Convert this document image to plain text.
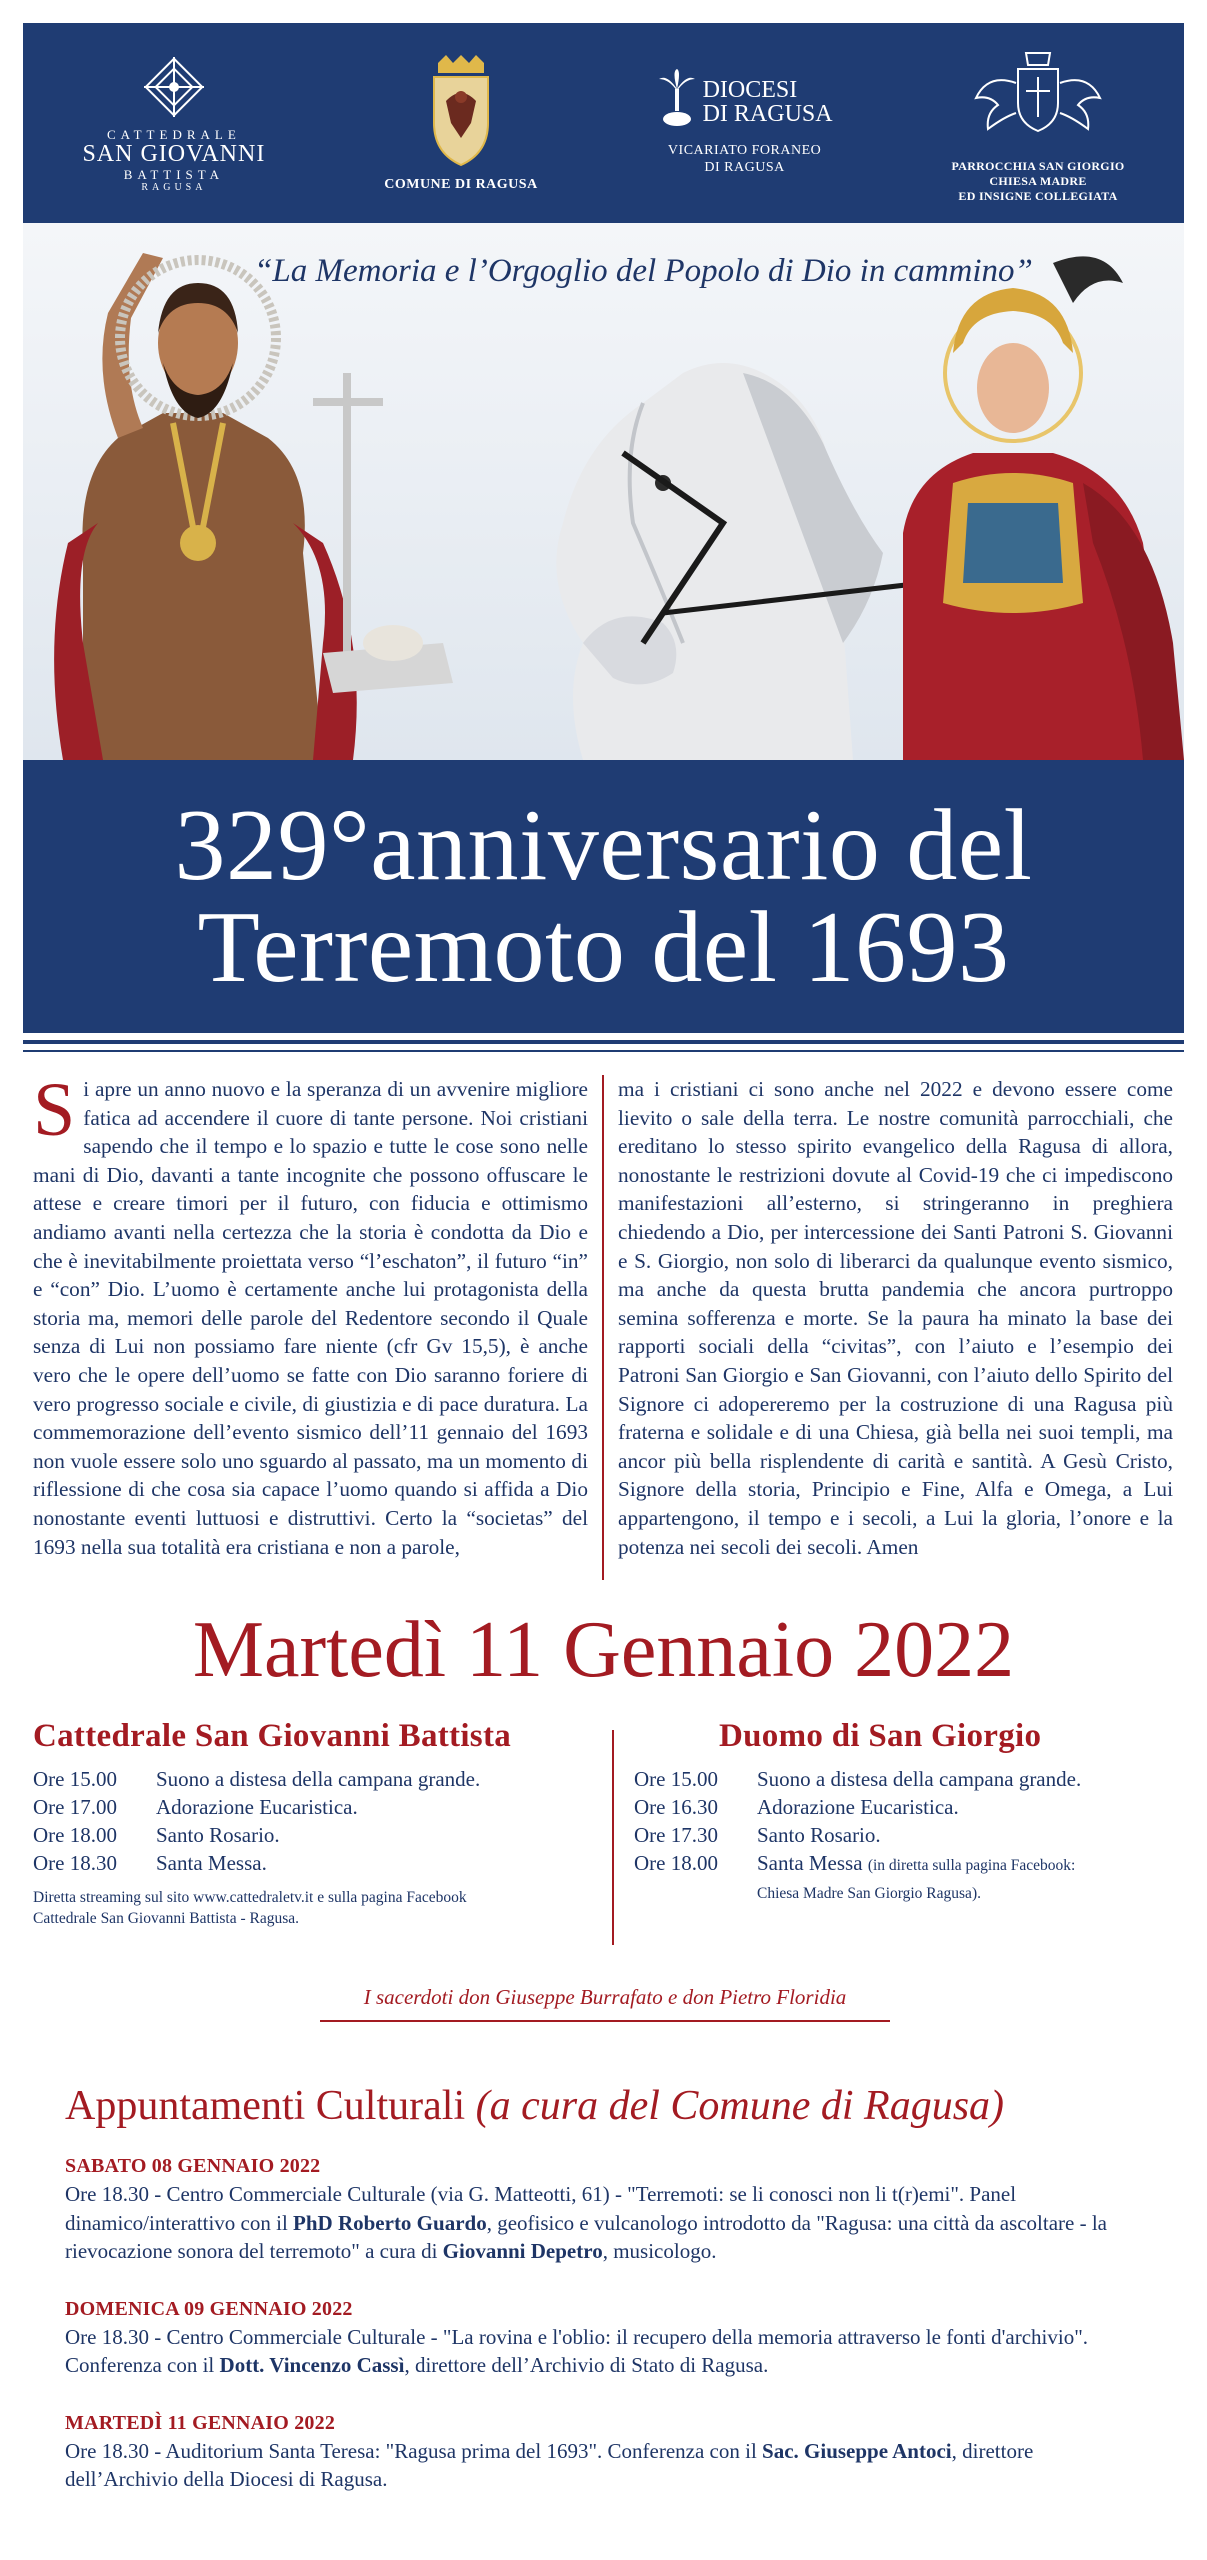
CATTEDRALE
SAN GIOVANNI
BATTISTA
RAGUSA	COMUNE DI RAGUSA
DIOCESI
DI RAGUSA
VICARIATO FORANEO
DI RAGUSA	PARROCCHIA SAN GIORGIO
CHIESA MADRE
ED INSIGNE COLLEGIATA
“La Memoria e l’Orgoglio del Popolo di Dio in cammino”
329°anniversario del
Terremoto del 1693

Si apre un anno nuovo e la speranza di un avvenire migliore fatica ad accendere il cuore di tante persone. Noi cristiani sapendo che il tempo e lo spazio e tutte le cose sono nelle mani di Dio, davanti a tante incognite che possono offuscare le attese e creare timori per il futuro, con fiducia e ottimismo andiamo avanti nella certezza che la storia è condotta da Dio e che è inevitabilmente proiettata verso “l’eschaton”, il futuro “in” e “con” Dio. L’uomo è certamente anche lui protagonista della storia ma, memori delle parole del Redentore secondo il Quale senza di Lui non possiamo fare niente (cfr Gv 15,5), è anche vero che le opere dell’uomo se fatte con Dio saranno foriere di vero progresso sociale e civile, di giustizia e di pace duratura. La commemorazione dell’evento sismico dell’11 gennaio del 1693 non vuole essere solo uno sguardo al passato, ma un momento di riflessione di che cosa sia capace l’uomo quando si affida a Dio nonostante eventi luttuosi e distruttivi. Certo la “societas” del 1693 nella sua totalità era cristiana e non a parole,

ma i cristiani ci sono anche nel 2022 e devono essere come lievito o sale della terra. Le nostre comunità parrocchiali, che ereditano lo stesso spirito evangelico della Ragusa di allora, nonostante le restrizioni dovute al Covid-19 che ci impediscono manifestazioni all’esterno, si stringeranno in preghiera chiedendo a Dio, per intercessione dei Santi Patroni S. Giovanni e S. Giorgio, non solo di liberarci da qualunque evento sismico, ma anche da questa brutta pandemia che ancora purtroppo semina sofferenza e morte. Se la paura ha minato la base dei rapporti sociali della “civitas”, con l’aiuto e l’esempio dei Patroni San Giorgio e San Giovanni, con l’aiuto dello Spirito del Signore ci adopereremo per la costruzione di una Ragusa più fraterna e solidale e di una Chiesa, già bella nei suoi templi, ma ancor più bella risplendente di carità e santità. A Gesù Cristo, Signore della storia, Principio e Fine, Alfa e Omega, a Lui appartengono, il tempo e i secoli, a Lui la gloria, l’onore e la potenza nei secoli dei secoli. Amen

Martedì 11 Gennaio 2022
Cattedrale San Giovanni Battista
Ore 15.00	Suono a distesa della campana grande.
Ore 17.00	Adorazione Eucaristica.
Ore 18.00	Santo Rosario.
Ore 18.30	Santa Messa.
Diretta streaming sul sito www.cattedraletv.it e sulla pagina Facebook
Cattedrale San Giovanni Battista - Ragusa.
Duomo di San Giorgio
Ore 15.00	Suono a distesa della campana grande.
Ore 16.30	Adorazione Eucaristica.
Ore 17.30	Santo Rosario.
Ore 18.00	Santa Messa (in diretta sulla pagina Facebook:
Chiesa Madre San Giorgio Ragusa).
I sacerdoti don Giuseppe Burrafato e don Pietro Floridia
Appuntamenti Culturali (a cura del Comune di Ragusa)
SABATO 08 GENNAIO 2022
Ore 18.30 - Centro Commerciale Culturale (via G. Matteotti, 61) - "Terremoti: se li conosci non li t(r)emi". Panel dinamico/interattivo con il PhD Roberto Guardo, geofisico e vulcanologo introdotto da "Ragusa: una città da ascoltare - la rievocazione sonora del terremoto" a cura di Giovanni Depetro, musicologo.
DOMENICA 09 GENNAIO 2022
Ore 18.30 - Centro Commerciale Culturale - "La rovina e l'oblio: il recupero della memoria attraverso le fonti d'archivio". Conferenza con il Dott. Vincenzo Cassì, direttore dell’Archivio di Stato di Ragusa.
MARTEDÌ 11 GENNAIO 2022
Ore 18.30 - Auditorium Santa Teresa: "Ragusa prima del 1693". Conferenza con il Sac. Giuseppe Antoci, direttore dell’Archivio della Diocesi di Ragusa.
